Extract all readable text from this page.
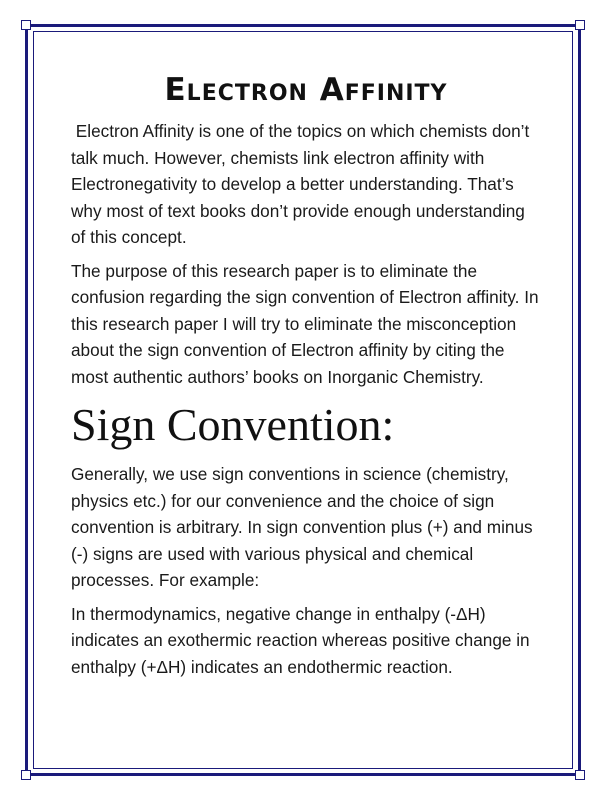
Electron Affinity

Electron Affinity is one of the topics on which chemists don’t talk much. However, chemists link electron affinity with Electronegativity to develop a better understanding. That’s why most of text books don’t provide enough understanding of this concept.

The purpose of this research paper is to eliminate the confusion regarding the sign convention of Electron affinity. In this research paper I will try to eliminate the misconception about the sign convention of Electron affinity by citing the most authentic authors’ books on Inorganic Chemistry.

Sign Convention:

Generally, we use sign conventions in science (chemistry, physics etc.) for our convenience and the choice of sign convention is arbitrary. In sign convention plus (+) and minus (-) signs are used with various physical and chemical processes. For example:

In thermodynamics, negative change in enthalpy (-ΔH) indicates an exothermic reaction whereas positive change in enthalpy (+ΔH) indicates an endothermic reaction.
